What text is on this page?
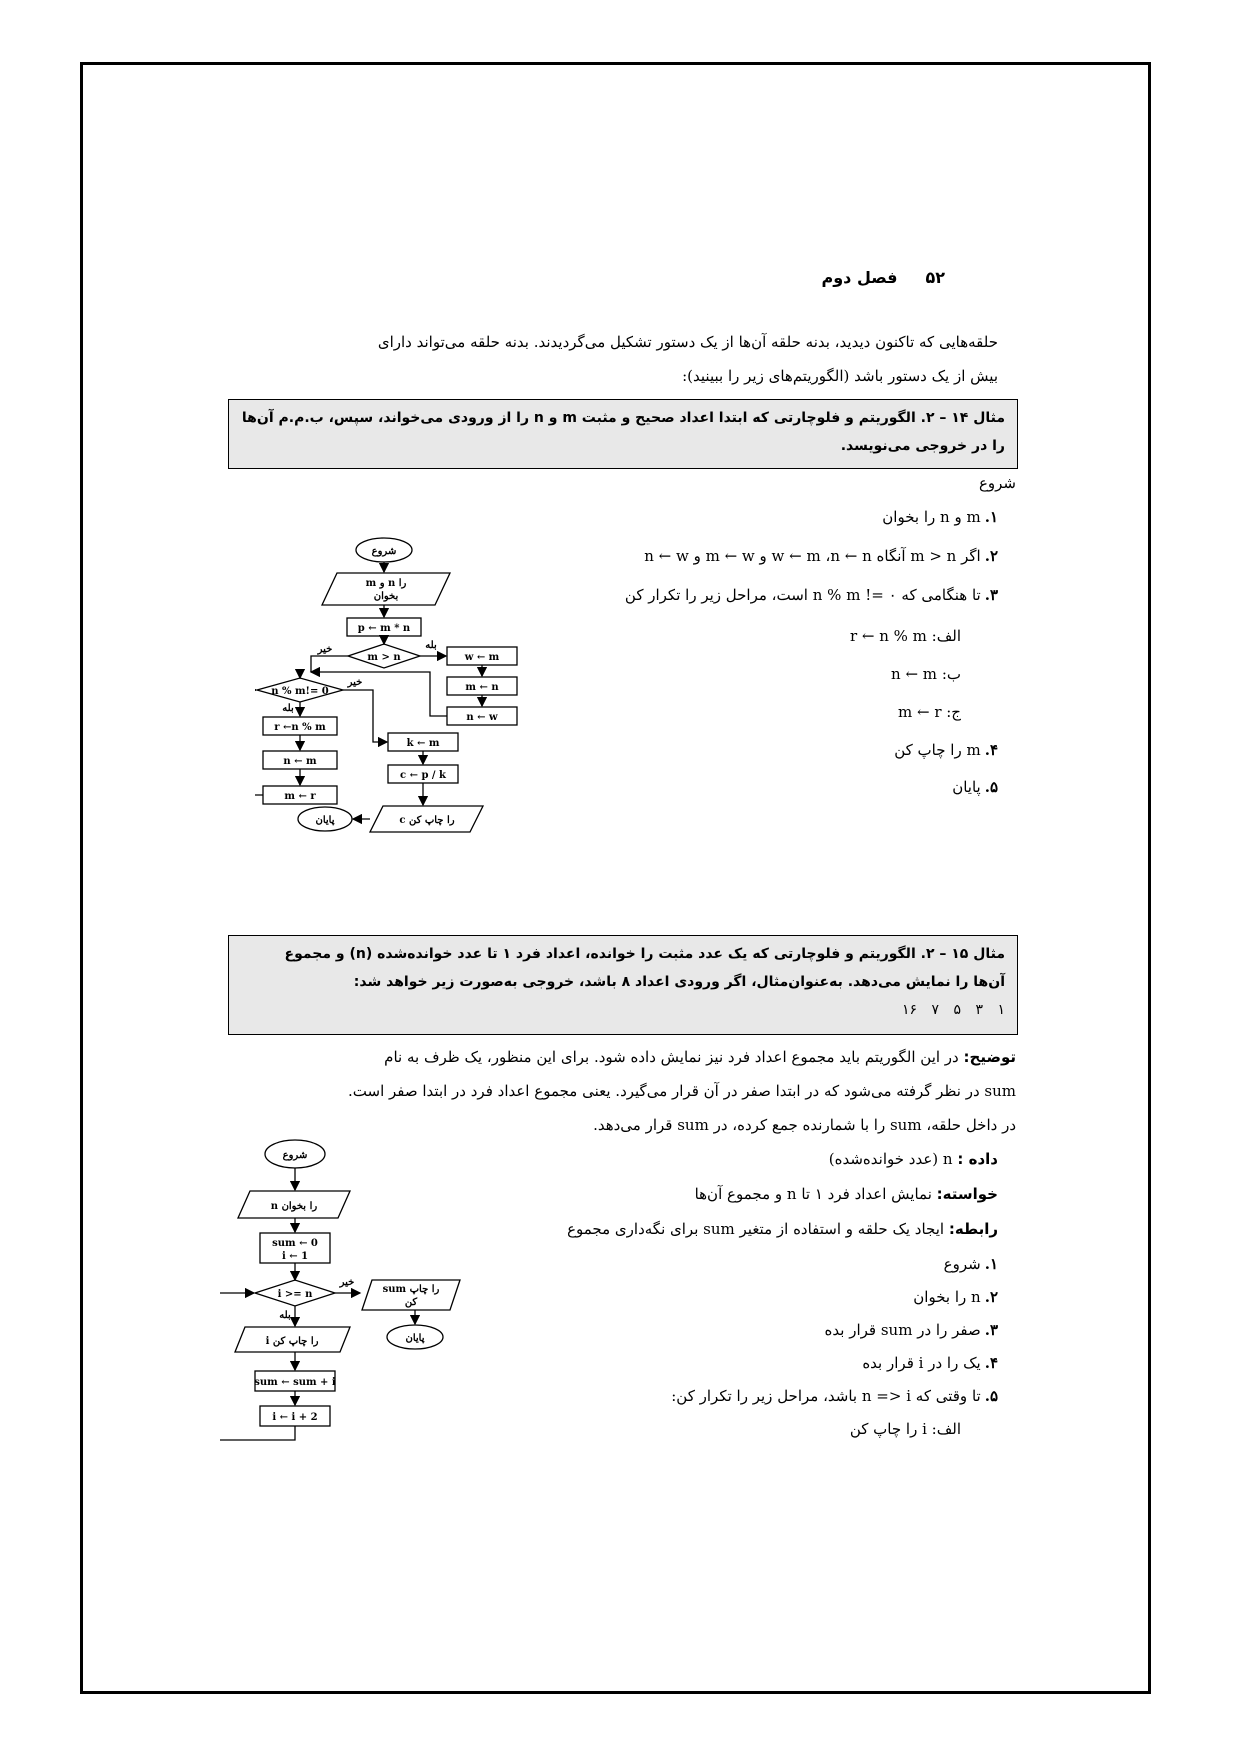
۵۲فصل دوم
حلقه‌هایی که تاکنون دیدید، بدنه حلقه آن‌ها از یک دستور تشکیل می‌گردیدند. بدنه حلقه می‌تواند دارای
بیش از یک دستور باشد (الگوریتم‌های زیر را ببینید):
مثال ۱۴ – ۲. الگوریتم و فلوچارتی که ابتدا اعداد صحیح و مثبت m و n را از ورودی می‌خواند، سپس، ب.م.م آن‌ها
را در خروجی می‌نویسد.
شروع
۱.m و n را بخوان
۲.اگر m > n آنگاه w ← m ،n ← n و m ← w و n ← w
۳.تا هنگامی که ۰ =! n % m است، مراحل زیر را تکرار کن
الف: r ← n % m
ب: n ← m
ج: m ← r
۴.m را چاپ کن
۵.پایان
شروع
m و n را
بخوان
p ← m * n
m > n
بله
خیر
w ← m
m ← n
n ← w
n % m!= 0
خیر
بله
r ←n % m
n ← m
m ← r
k ← m
c ← p / k
c را چاپ کن
پایان
مثال ۱۵ – ۲. الگوریتم و فلوچارتی که یک عدد مثبت را خوانده، اعداد فرد ۱ تا عدد خوانده‌شده (n) و مجموع
آن‌ها را نمایش می‌دهد. به‌عنوان‌مثال، اگر ورودی اعداد ۸ باشد، خروجی به‌صورت زیر خواهد شد:
۱ ۳ ۵ ۷ ۱۶
توضیح: در این الگوریتم باید مجموع اعداد فرد نیز نمایش داده شود. برای این منظور، یک ظرف به نام
sum در نظر گرفته می‌شود که در ابتدا صفر در آن قرار می‌گیرد. یعنی مجموع اعداد فرد در ابتدا صفر است.
در داخل حلقه، sum را با شمارنده جمع کرده، در sum قرار می‌دهد.
داده : n (عدد خوانده‌شده)
خواسته: نمایش اعداد فرد ۱ تا n و مجموع آن‌ها
رابطه: ایجاد یک حلقه و استفاده از متغیر sum برای نگه‌داری مجموع
۱.شروع
۲.n را بخوان
۳.صفر را در sum قرار بده
۴.یک را در i قرار بده
۵.تا وقتی که n => i باشد، مراحل زیر را تکرار کن:
الف: i را چاپ کن
شروع
n را بخوان
sum ← 0
i ← 1
i >= n
خیر
بله
sum را چاپ
کن
پایان
i را چاپ کن
sum ← sum + i
i ← i + 2
